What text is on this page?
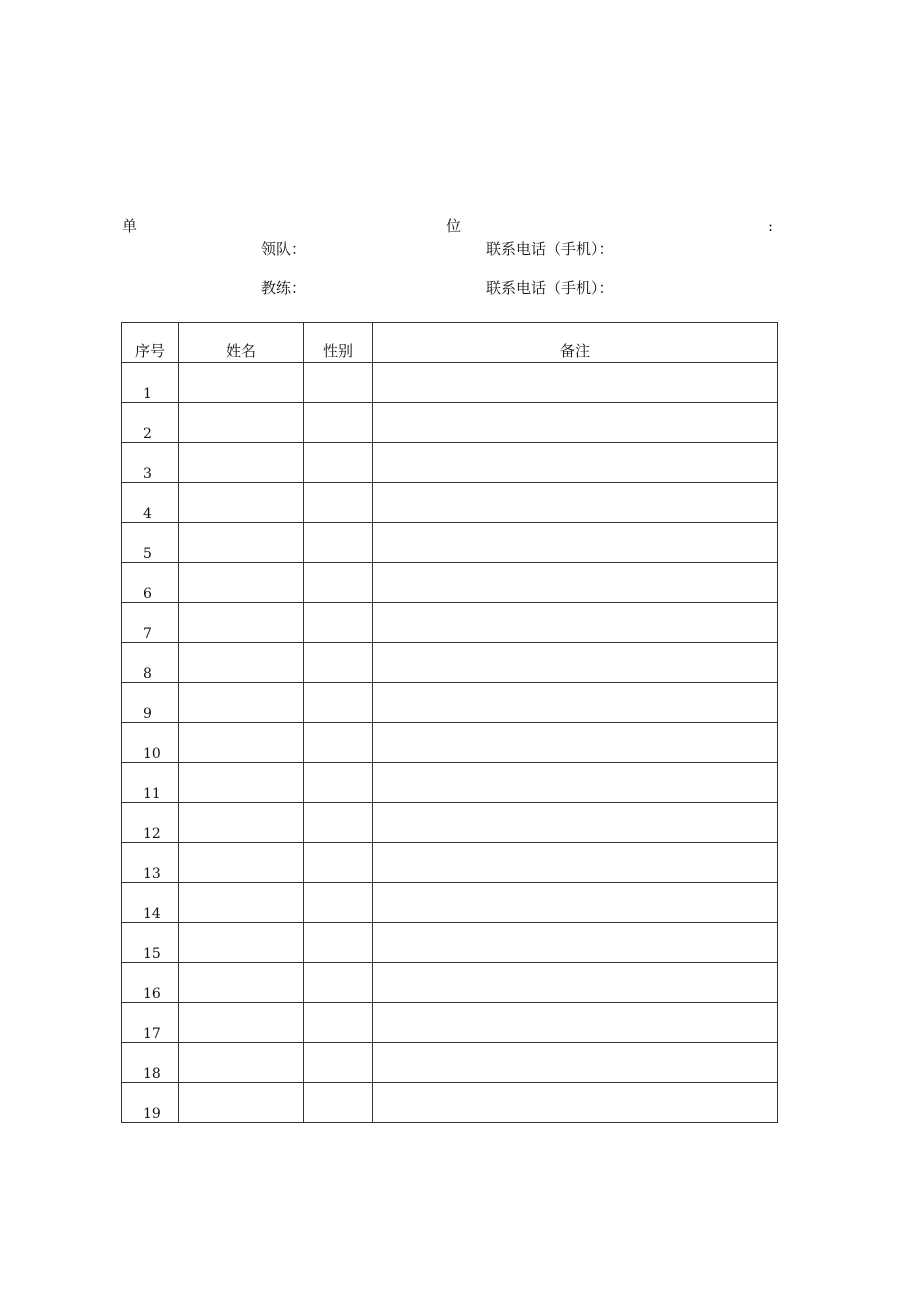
单	位	:
领队：	联系电话（手机）：
教练：	联系电话（手机）：
序号	姓名	性别	备注

1			

2			

3			

4			

5			

6			

7			

8			

9			

10			

11			

12			

13			

14			

15			

16			

17			

18			

19			
